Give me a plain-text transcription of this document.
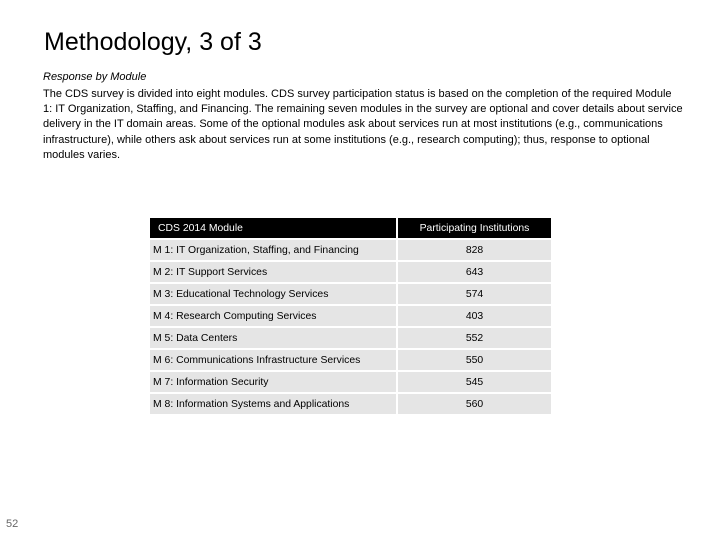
Methodology, 3 of 3
Response by Module
The CDS survey is divided into eight modules. CDS survey participation status is based on the completion of the required Module 1: IT Organization, Staffing, and Financing. The remaining seven modules in the survey are optional and cover details about service delivery in the IT domain areas. Some of the optional modules ask about services run at most institutions (e.g., communications infrastructure), while others ask about services run at some institutions (e.g., research computing); thus, response to optional modules varies.
CDS 2014 Module	Participating Institutions
M 1: IT Organization, Staffing, and Financing	828
M 2: IT Support Services	643
M 3: Educational Technology Services	574
M 4: Research Computing Services	403
M 5: Data Centers	552
M 6: Communications Infrastructure Services	550
M 7: Information Security	545
M 8: Information Systems and Applications	560
52
